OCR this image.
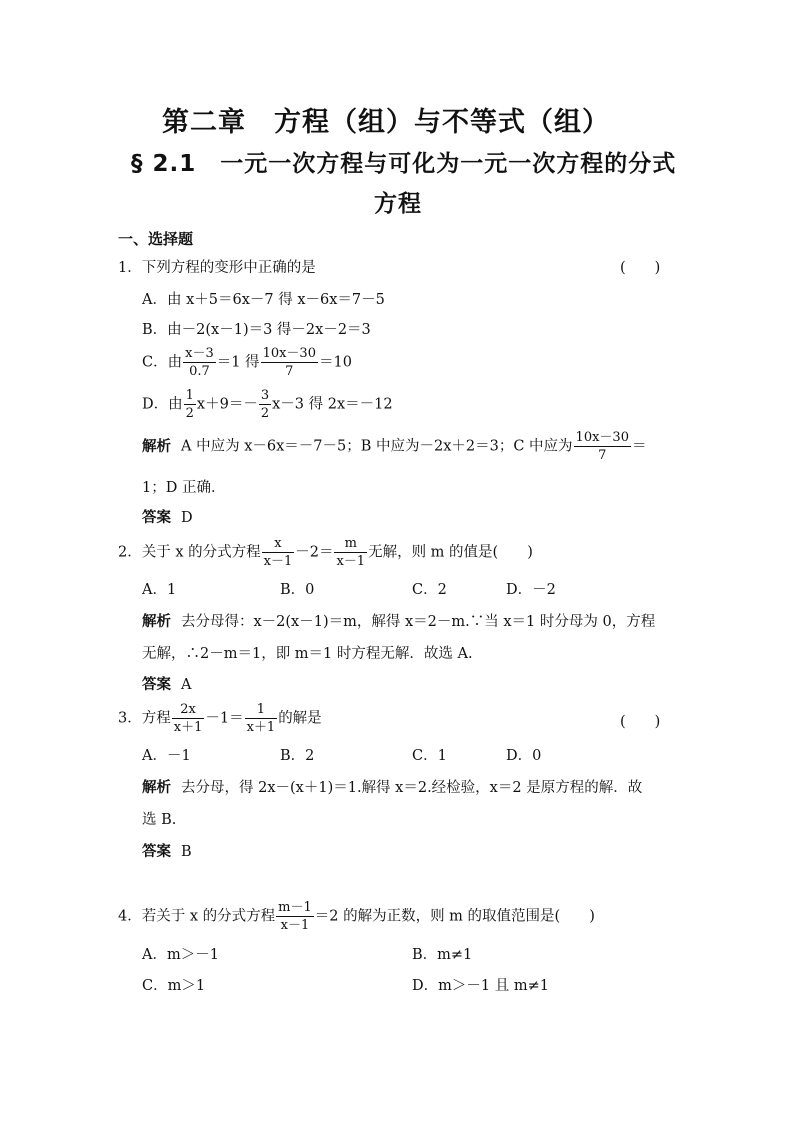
第二章　方程（组）与不等式（组）
§ 2.1　一元一次方程与可化为一元一次方程的分式
方程
一、选择题
1．下列方程的变形中正确的是	(　　)
A．由 x＋5＝6x－7 得 x－6x＝7－5
B．由－2(x－1)＝3 得－2x－2＝3
C．由 $\frac{x-3}{0.7} =1$ 得 $\frac{10x-30}{7} =10$
D．由 $\frac{1}{2} x+9=- \frac{3}{2} x-3$ 得 2x＝－12
解析 A 中应为 x－6x＝－7－5；B 中应为－2x＋2＝3；C 中应为 $\frac{10x-30}{7}$ ＝
1；D 正确．
答案 D
2．关于 x 的分式方程 $\frac{x}{x-1} -2= \frac{m}{x-1}$ 无解，则 m 的值是(　　)
A．1	B．0	C．2	D．－2
解析 去分母得：x－2(x－1)＝m，解得 x＝2－m.∵当 x＝1 时分母为 0，方程
无解，∴2－m＝1，即 m＝1 时方程无解．故选 A.
答案 A
3．方程 $\frac{2x}{x+1} -1= \frac{1}{x+1}$ 的解是	(　　)
A．－1	B．2	C．1	D．0
解析 去分母，得 2x－(x＋1)＝1.解得 x＝2.经检验，x＝2 是原方程的解．故
选 B.
答案 B
4．若关于 x 的分式方程 $\frac{m-1}{x-1} =2$ 的解为正数，则 m 的取值范围是(　　)
A．m＞－1	B．m≠1
C．m＞1	D．m＞－1 且 m≠1
